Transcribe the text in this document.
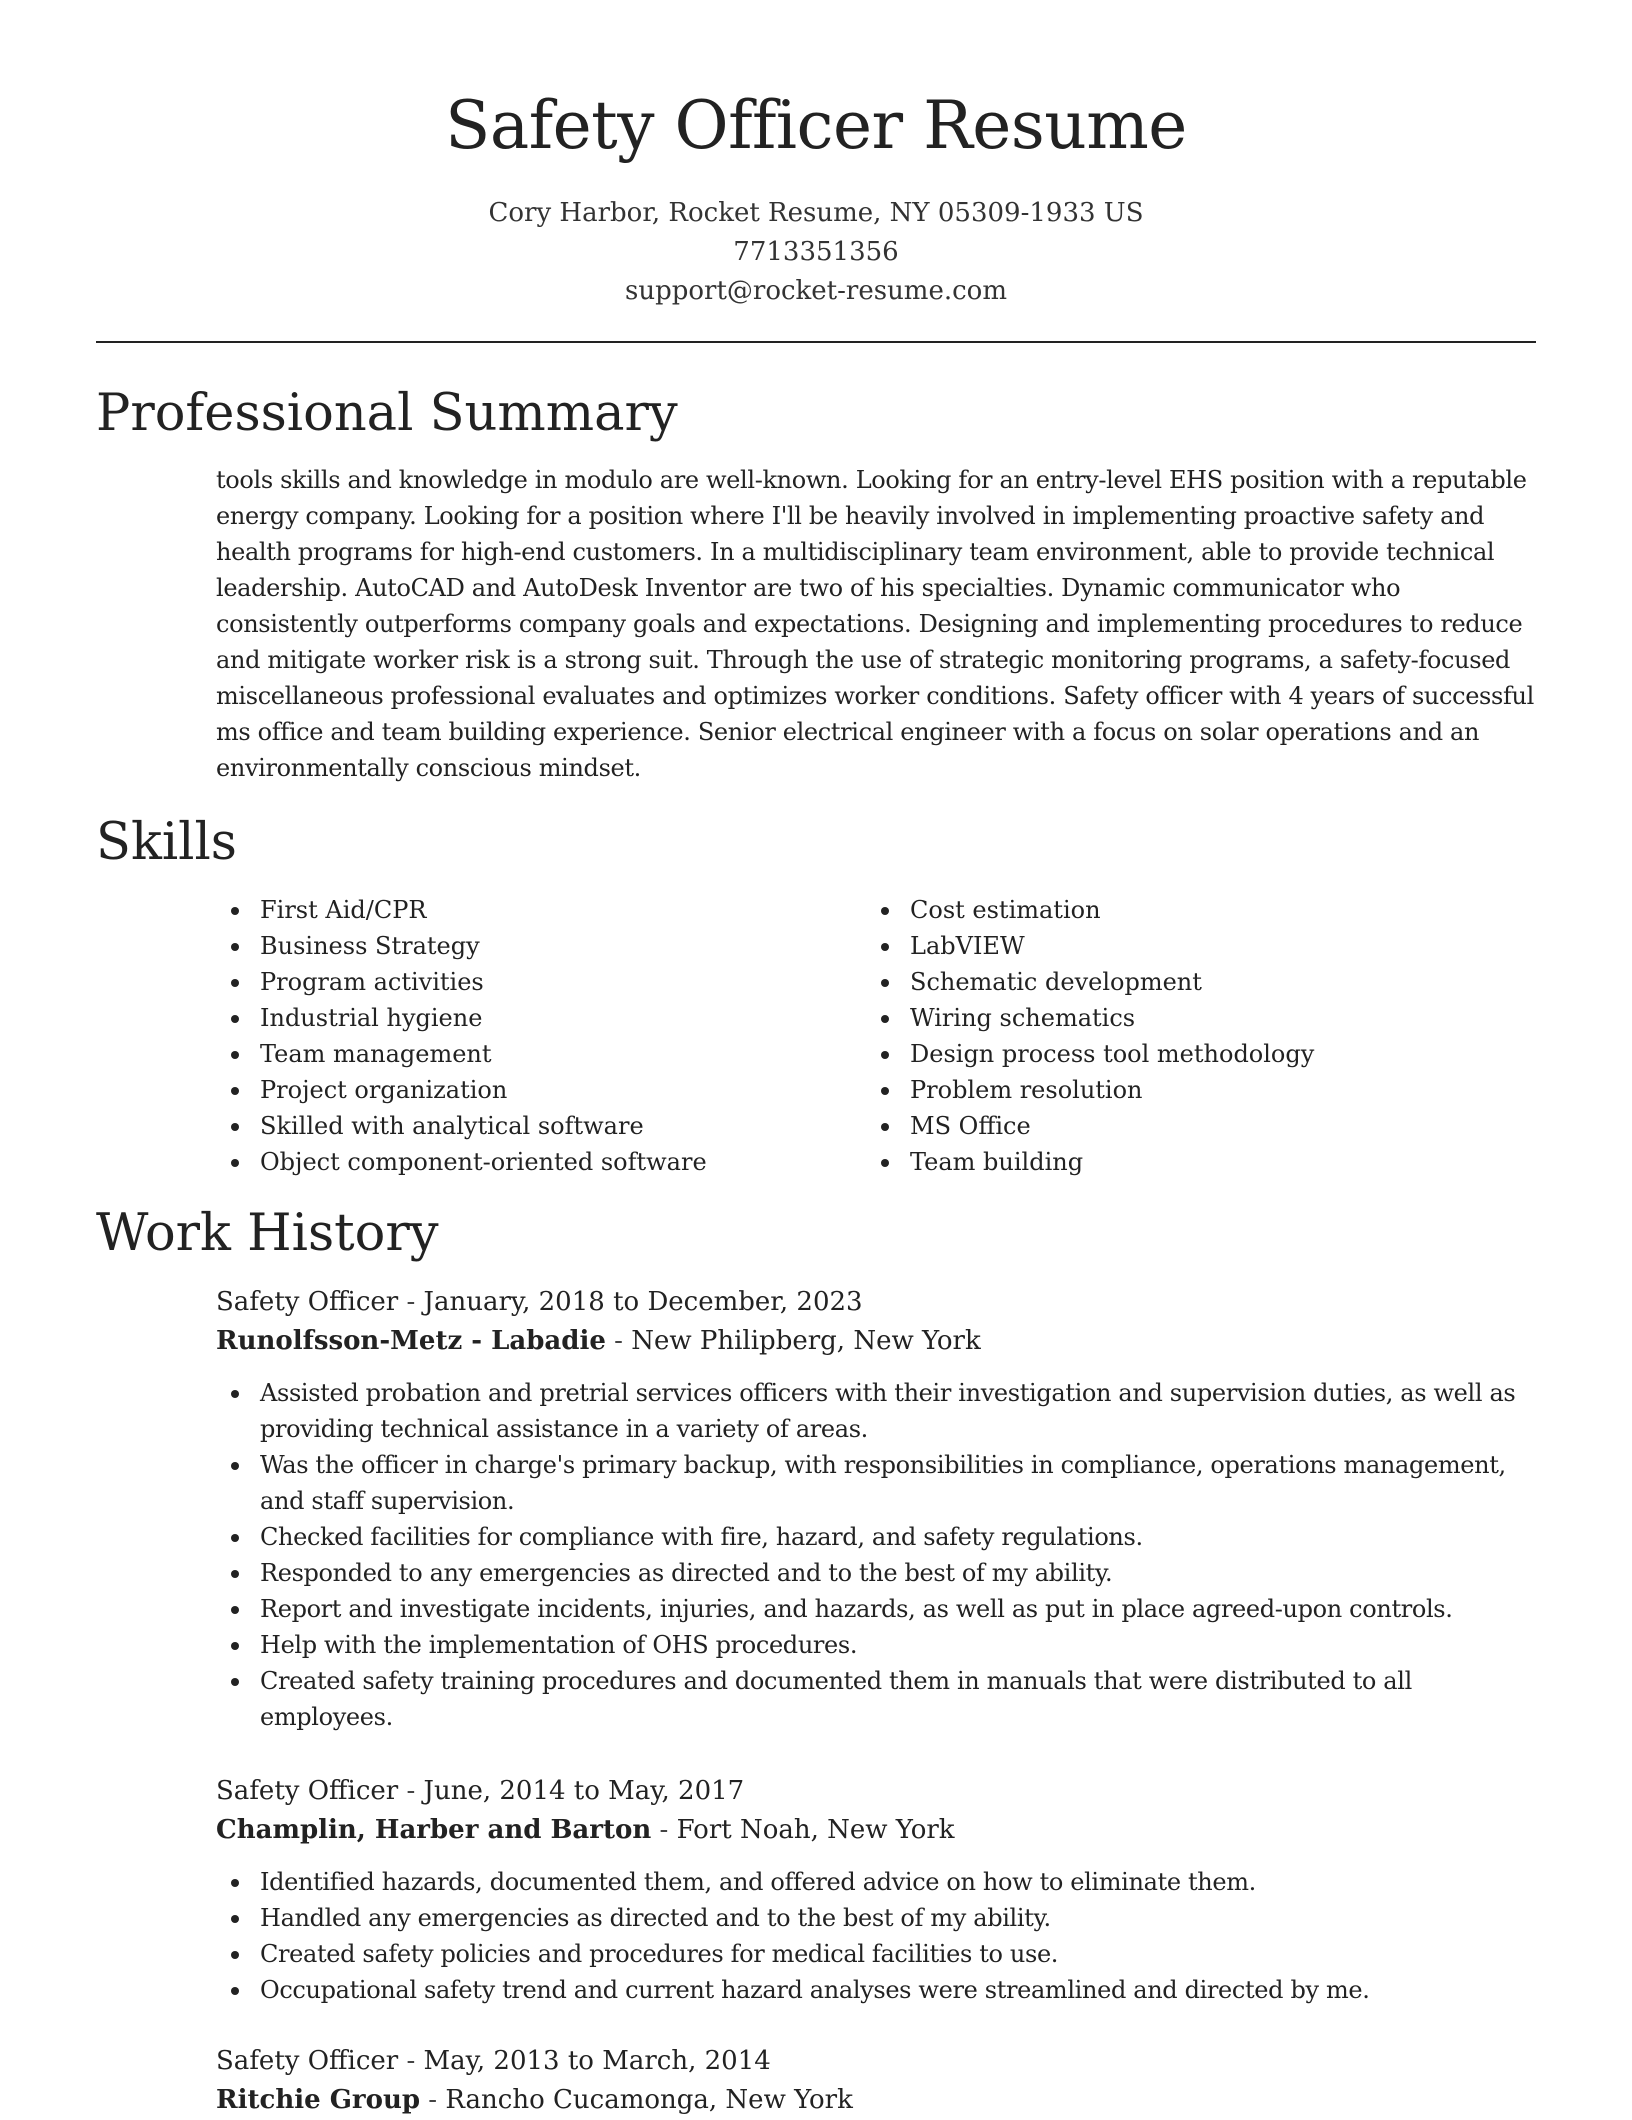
Safety Officer Resume
Cory Harbor, Rocket Resume, NY 05309-1933 US
7713351356
support@rocket-resume.com
Professional Summary

tools skills and knowledge in modulo are well-known. Looking for an entry-level EHS position with a reputable energy company. Looking for a position where I'll be heavily involved in implementing proactive safety and health programs for high-end customers. In a multidisciplinary team environment, able to provide technical leadership. AutoCAD and AutoDesk Inventor are two of his specialties. Dynamic communicator who consistently outperforms company goals and expectations. Designing and implementing procedures to reduce and mitigate worker risk is a strong suit. Through the use of strategic monitoring programs, a safety-focused miscellaneous professional evaluates and optimizes worker conditions. Safety officer with 4 years of successful ms office and team building experience. Senior electrical engineer with a focus on solar operations and an environmentally conscious mindset.

Skills
First Aid/CPR
Business Strategy
Program activities
Industrial hygiene
Team management
Project organization
Skilled with analytical software
Object component-oriented software
Cost estimation
LabVIEW
Schematic development
Wiring schematics
Design process tool methodology
Problem resolution
MS Office
Team building
Work History
Safety Officer - January, 2018 to December, 2023
Runolfsson-Metz - Labadie - New Philipberg, New York
Assisted probation and pretrial services officers with their investigation and supervision duties, as well as providing technical assistance in a variety of areas.
Was the officer in charge's primary backup, with responsibilities in compliance, operations management, and staff supervision.
Checked facilities for compliance with fire, hazard, and safety regulations.
Responded to any emergencies as directed and to the best of my ability.
Report and investigate incidents, injuries, and hazards, as well as put in place agreed-upon controls.
Help with the implementation of OHS procedures.
Created safety training procedures and documented them in manuals that were distributed to all employees.
Safety Officer - June, 2014 to May, 2017
Champlin, Harber and Barton - Fort Noah, New York
Identified hazards, documented them, and offered advice on how to eliminate them.
Handled any emergencies as directed and to the best of my ability.
Created safety policies and procedures for medical facilities to use.
Occupational safety trend and current hazard analyses were streamlined and directed by me.
Safety Officer - May, 2013 to March, 2014
Ritchie Group - Rancho Cucamonga, New York
